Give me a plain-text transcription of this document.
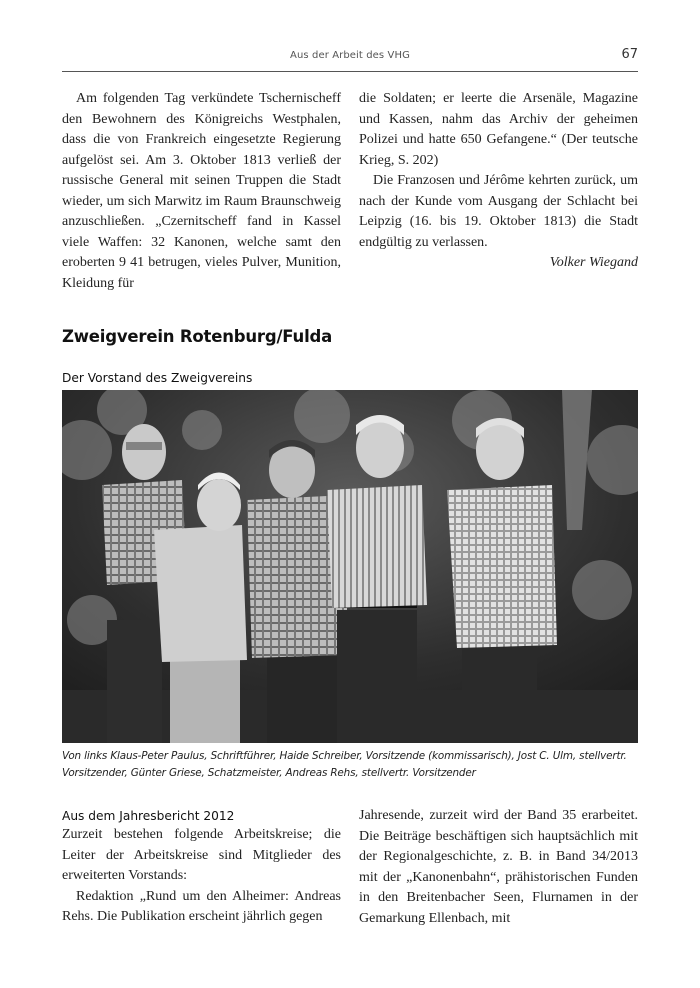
Aus der Arbeit des VHG	67

Am folgenden Tag verkündete Tschernischeff den Bewohnern des Königreichs Westphalen, dass die von Frankreich eingesetzte Regierung aufgelöst sei. Am 3. Oktober 1813 verließ der russische General mit seinen Truppen die Stadt wieder, um sich Marwitz im Raum Braunschweig anzuschließen. „Czernitscheff fand in Kassel viele Waffen: 32 Kanonen, welche samt den eroberten 9 41 betrugen, vieles Pulver, Munition, Kleidung für

die Soldaten; er leerte die Arsenäle, Magazine und Kassen, nahm das Archiv der geheimen Polizei und hatte 650 Gefangene.“ (Der teutsche Krieg, S. 202)

Die Franzosen und Jérôme kehrten zurück, um nach der Kunde vom Ausgang der Schlacht bei Leipzig (16. bis 19. Oktober 1813) die Stadt endgültig zu verlassen.

Volker Wiegand

Zweigverein Rotenburg/Fulda
Der Vorstand des Zweigvereins
Von links Klaus-Peter Paulus, Schriftführer, Haide Schreiber, Vorsitzende (kommissarisch), Jost C. Ulm, stellvertr. Vorsitzender, Günter Griese, Schatzmeister, Andreas Rehs, stellvertr. Vorsitzender
Aus dem Jahresbericht 2012

Zurzeit bestehen folgende Arbeitskreise; die Leiter der Arbeitskreise sind Mitglieder des erweiterten Vorstands:

Redaktion „Rund um den Alheimer: Andreas Rehs. Die Publikation erscheint jährlich gegen

Jahresende, zurzeit wird der Band 35 erarbeitet. Die Beiträge beschäftigen sich hauptsächlich mit der Regionalgeschichte, z. B. in Band 34/2013 mit der „Kanonenbahn“, prähistorischen Funden in den Breitenbacher Seen, Flurnamen in der Gemarkung Ellenbach, mit
